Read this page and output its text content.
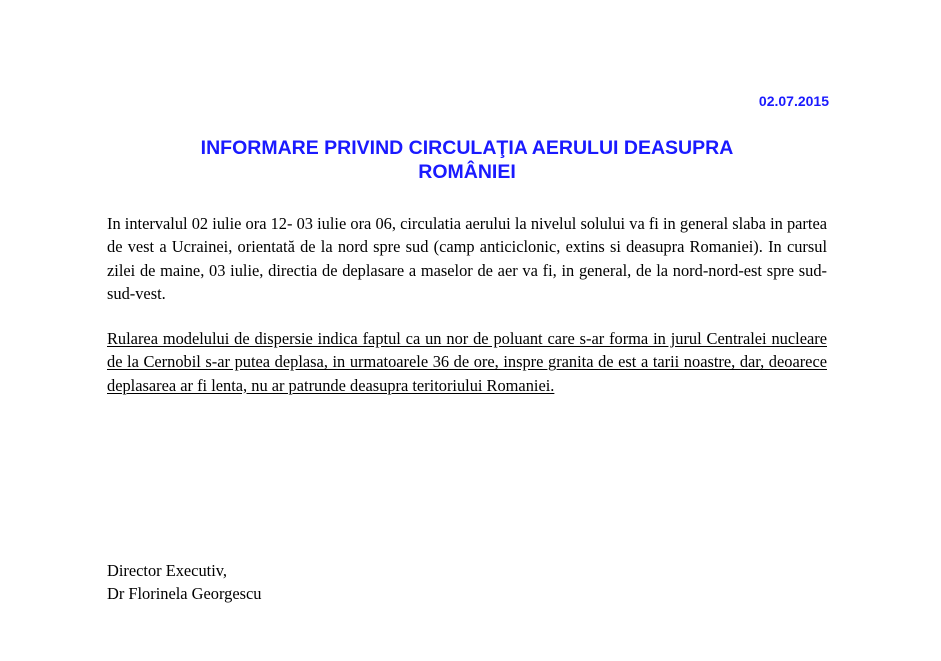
02.07.2015
INFORMARE PRIVIND CIRCULAŢIA AERULUI DEASUPRA
ROMÂNIEI

In intervalul 02 iulie ora 12- 03 iulie ora 06, circulatia aerului la nivelul solului va fi in general slaba in partea de vest a Ucrainei, orientată de la nord spre sud (camp anticiclonic, extins si deasupra Romaniei). In cursul zilei de maine, 03 iulie, directia de deplasare a maselor de aer va fi, in general, de la nord-nord-est spre sud-sud-vest.

Rularea modelului de dispersie indica faptul ca un nor de poluant care s-ar forma in jurul Centralei nucleare de la Cernobil s-ar putea deplasa, in urmatoarele 36 de ore, inspre granita de est a tarii noastre, dar, deoarece deplasarea ar fi lenta, nu ar patrunde deasupra teritoriului Romaniei.

Director Executiv,
Dr Florinela Georgescu
